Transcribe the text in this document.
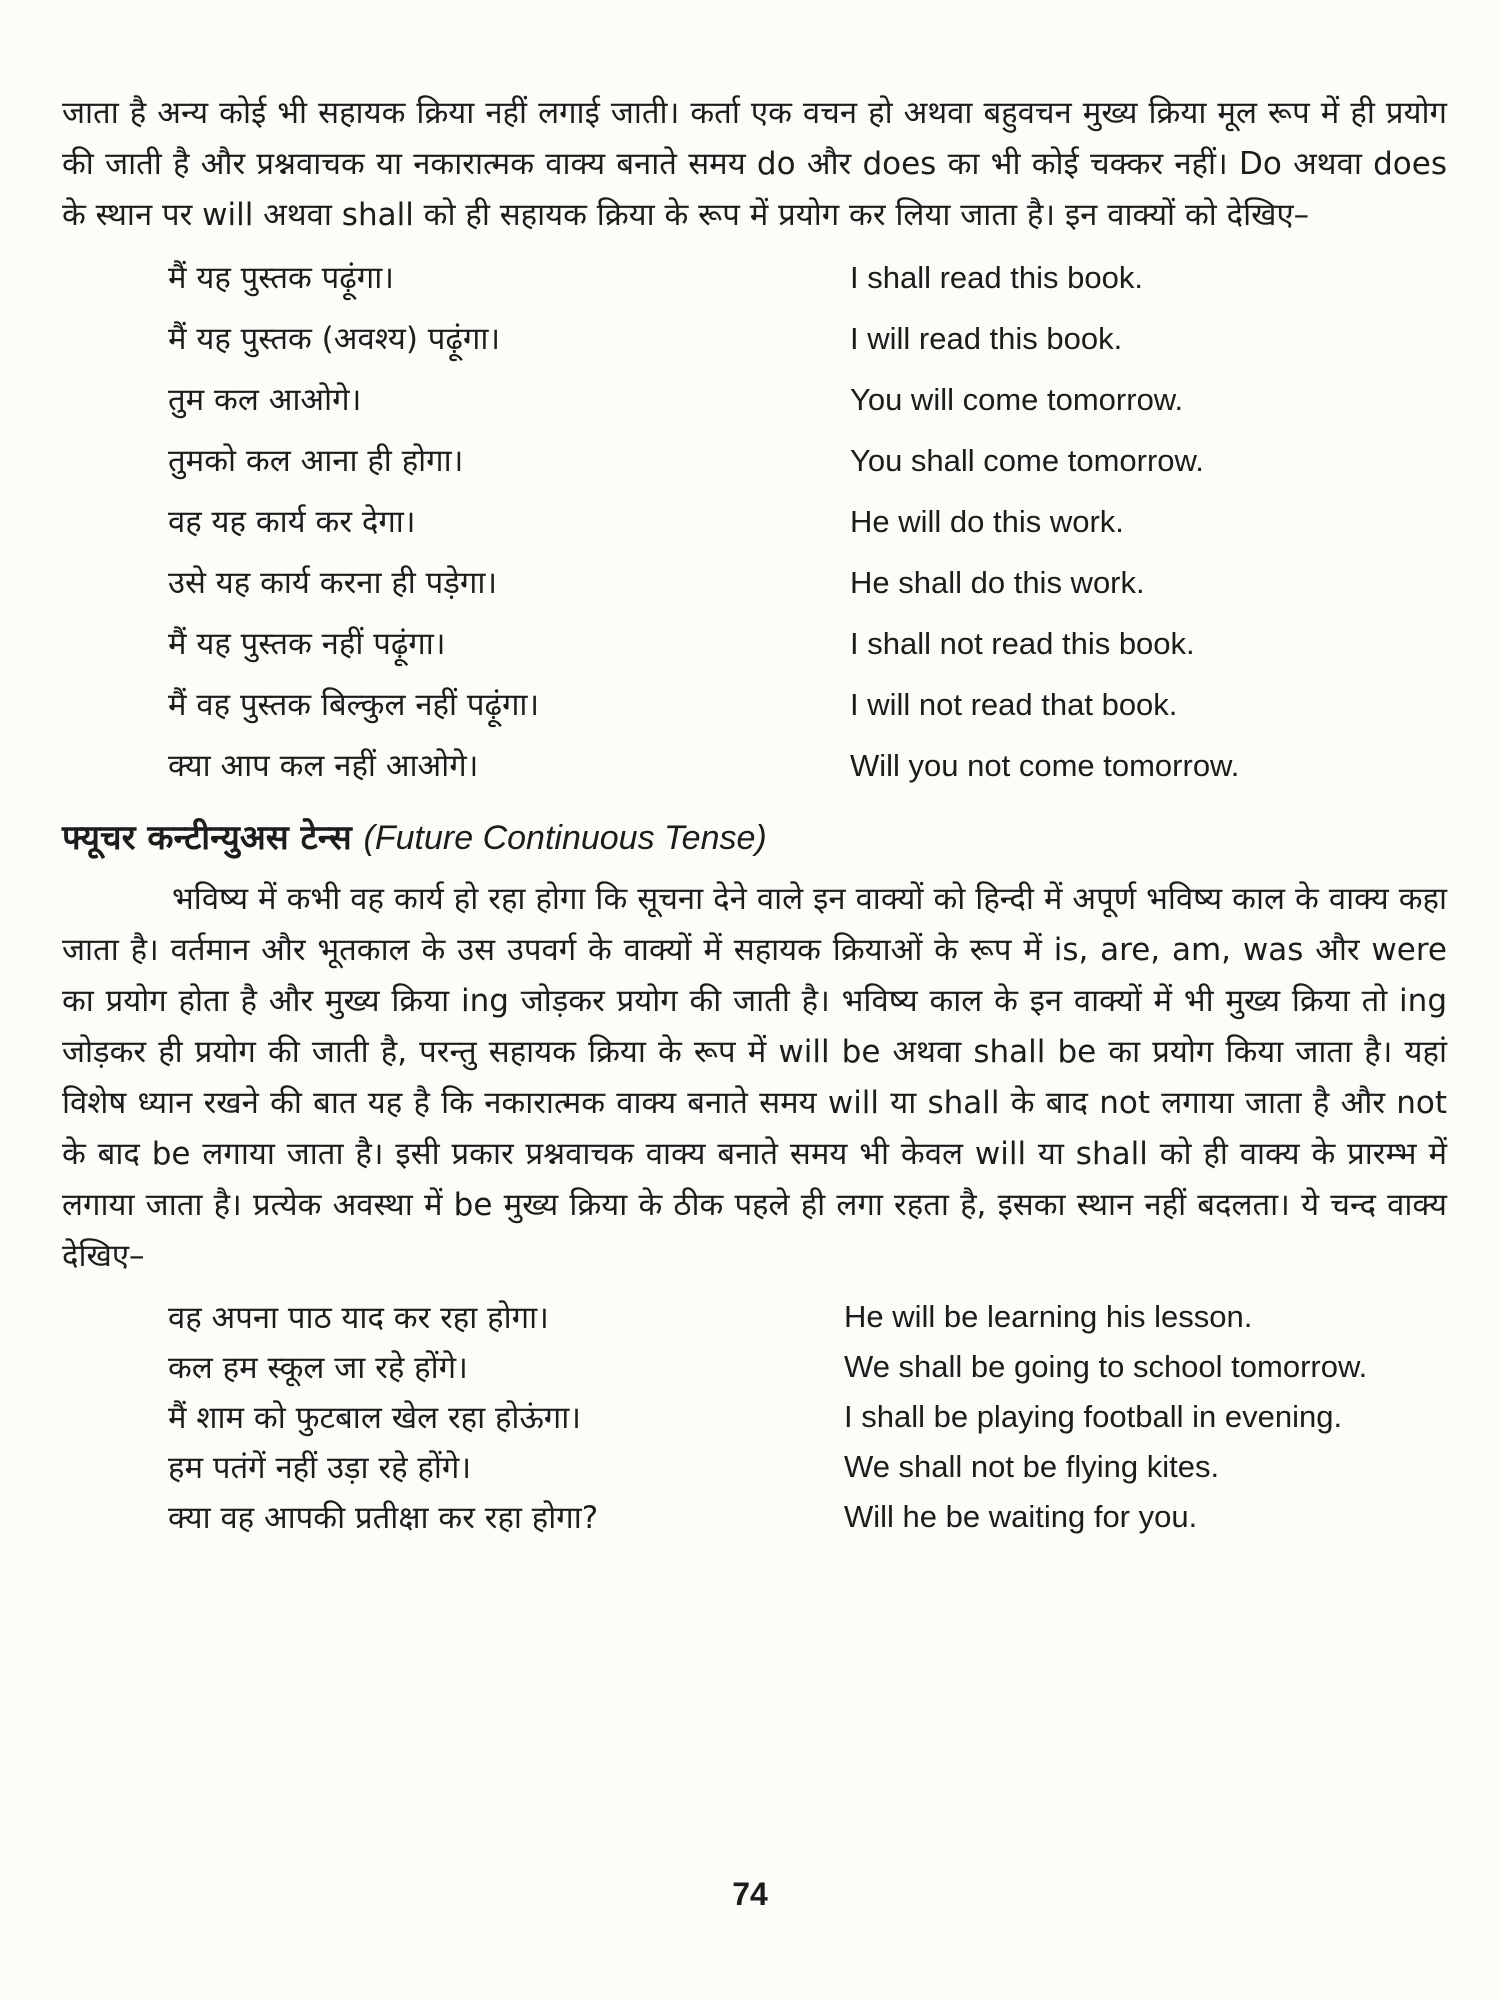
जाता है अन्य कोई भी सहायक क्रिया नहीं लगाई जाती। कर्ता एक वचन हो अथवा बहुवचन मुख्य क्रिया मूल रूप में ही प्रयोग की जाती है और प्रश्नवाचक या नकारात्मक वाक्य बनाते समय do और does का भी कोई चक्कर नहीं। Do अथवा does के स्थान पर will अथवा shall को ही सहायक क्रिया के रूप में प्रयोग कर लिया जाता है। इन वाक्यों को देखिए–

मैं यह पुस्तक पढ़ूंगा।	I shall read this book.
मैं यह पुस्तक (अवश्य) पढ़ूंगा।	I will read this book.
तुम कल आओगे।	You will come tomorrow.
तुमको कल आना ही होगा।	You shall come tomorrow.
वह यह कार्य कर देगा।	He will do this work.
उसे यह कार्य करना ही पड़ेगा।	He shall do this work.
मैं यह पुस्तक नहीं पढ़ूंगा।	I shall not read this book.
मैं वह पुस्तक बिल्कुल नहीं पढ़ूंगा।	I will not read that book.
क्या आप कल नहीं आओगे।	Will you not come tomorrow.
फ्यूचर कन्टीन्युअस टेन्स (Future Continuous Tense)

भविष्य में कभी वह कार्य हो रहा होगा कि सूचना देने वाले इन वाक्यों को हिन्दी में अपूर्ण भविष्य काल के वाक्य कहा जाता है। वर्तमान और भूतकाल के उस उपवर्ग के वाक्यों में सहायक क्रियाओं के रूप में is, are, am, was और were का प्रयोग होता है और मुख्य क्रिया ing जोड़कर प्रयोग की जाती है। भविष्य काल के इन वाक्यों में भी मुख्य क्रिया तो ing जोड़कर ही प्रयोग की जाती है, परन्तु सहायक क्रिया के रूप में will be अथवा shall be का प्रयोग किया जाता है। यहां विशेष ध्यान रखने की बात यह है कि नकारात्मक वाक्य बनाते समय will या shall के बाद not लगाया जाता है और not के बाद be लगाया जाता है। इसी प्रकार प्रश्नवाचक वाक्य बनाते समय भी केवल will या shall को ही वाक्य के प्रारम्भ में लगाया जाता है। प्रत्येक अवस्था में be मुख्य क्रिया के ठीक पहले ही लगा रहता है, इसका स्थान नहीं बदलता। ये चन्द वाक्य देखिए–

वह अपना पाठ याद कर रहा होगा।	He will be learning his lesson.
कल हम स्कूल जा रहे होंगे।	We shall be going to school tomorrow.
मैं शाम को फुटबाल खेल रहा होऊंगा।	I shall be playing football in evening.
हम पतंगें नहीं उड़ा रहे होंगे।	We shall not be flying kites.
क्या वह आपकी प्रतीक्षा कर रहा होगा?	Will he be waiting for you.
74
